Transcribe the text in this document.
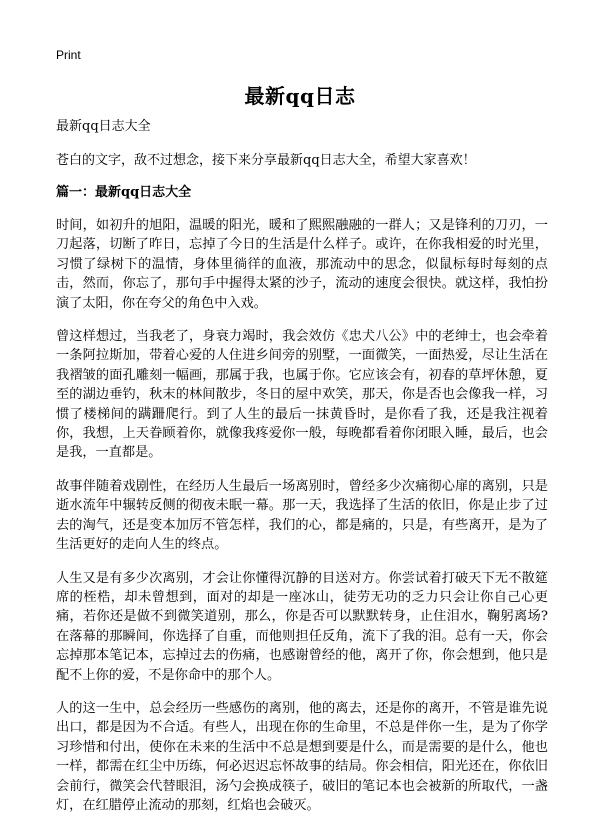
Print
最新qq日志

最新qq日志大全

苍白的文字，敌不过想念，接下来分享最新qq日志大全，希望大家喜欢！

篇一：最新qq日志大全

时间，如初升的旭阳，温暖的阳光，暖和了熙熙融融的一群人；又是锋利的刀刃，一刀起落，切断了昨日，忘掉了今日的生活是什么样子。或许，在你我相爱的时光里，习惯了绿树下的温情，身体里徜徉的血液，那流动中的思念，似鼠标每时每刻的点击，然而，你忘了，那句手中握得太紧的沙子，流动的速度会很快。就这样，我怕扮演了太阳，你在夸父的角色中入戏。

曾这样想过，当我老了，身衰力竭时，我会效仿《忠犬八公》中的老绅士，也会牵着一条阿拉斯加，带着心爱的人住进乡间旁的别墅，一面微笑，一面热爱，尽让生活在我褶皱的面孔雕刻一幅画，那属于我，也属于你。它应该会有，初春的草坪休憩，夏至的湖边垂钓，秋末的林间散步，冬日的屋中欢笑，那天，你是否也会像我一样，习惯了楼梯间的蹒跚爬行。到了人生的最后一抹黄昏时，是你看了我，还是我注视着你，我想，上天眷顾着你，就像我疼爱你一般，每晚都看着你闭眼入睡，最后，也会是我，一直都是。

故事伴随着戏剧性，在经历人生最后一场离别时，曾经多少次痛彻心扉的离别，只是逝水流年中辗转反侧的彻夜未眠一幕。那一天，我选择了生活的依旧，你是止步了过去的淘气，还是变本加厉不管怎样，我们的心，都是痛的，只是，有些离开，是为了生活更好的走向人生的终点。

人生又是有多少次离别，才会让你懂得沉静的目送对方。你尝试着打破天下无不散筵席的桎梏，却未曾想到，面对的却是一座冰山，徒劳无功的乏力只会让你自己心更痛，若你还是做不到微笑道别，那么，你是否可以默默转身，止住泪水，鞠躬离场?在落幕的那瞬间，你选择了自重，而他则担任反角，流下了我的泪。总有一天，你会忘掉那本笔记本，忘掉过去的伤痛，也感谢曾经的他，离开了你，你会想到，他只是配不上你的爱，不是你命中的那个人。

人的这一生中，总会经历一些感伤的离别，他的离去，还是你的离开，不管是谁先说出口，都是因为不合适。有些人，出现在你的生命里，不总是伴你一生，是为了你学习珍惜和付出，使你在未来的生活中不总是想到要是什么，而是需要的是什么，他也一样，都需在红尘中历练，何必迟迟忘怀故事的结局。你会相信，阳光还在，你依旧会前行，微笑会代替眼泪，汤勺会换成筷子，破旧的笔记本也会被新的所取代，一盏灯，在红腊停止流动的那刻，红焰也会破灭。
